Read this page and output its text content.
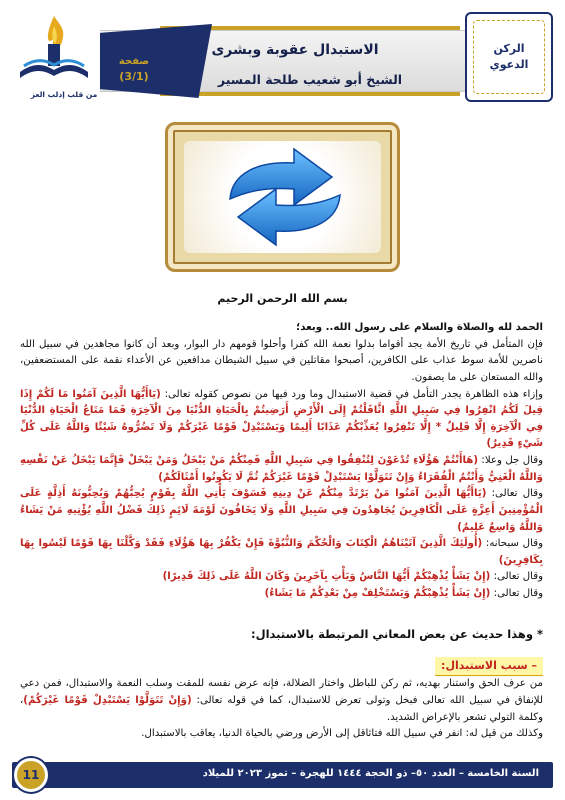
صفحة
(3/1)
الاستبدال عقوبة وبشرى
الشيخ أبو شعيب طلحة المسير
الركن الدعوي
من قلب إدلب العز
بسم الله الرحمن الرحيم

الحمد لله والصلاة والسلام على رسول الله.. وبعد؛

فإن المتأمل في تاريخ الأمة يجد أقواما بدلوا نعمة الله كفرا وأحلوا قومهم دار البوار، وبعد أن كانوا مجاهدين في سبيل الله ناصرين للأمة سوط عذاب على الكافرين، أصبحوا مقاتلين في سبيل الشيطان مدافعين عن الأعداء نقمة على المستضعفين، والله المستعان على ما يصفون.

وإزاء هذه الظاهرة يجدر التأمل في قضية الاستبدال وما ورد فيها من نصوص كقوله تعالى: (يَاأَيُّهَا الَّذِينَ آمَنُوا مَا لَكُمْ إِذَا قِيلَ لَكُمُ انْفِرُوا فِي سَبِيلِ اللَّهِ اثَّاقَلْتُمْ إِلَى الْأَرْضِ أَرَضِيتُمْ بِالْحَيَاةِ الدُّنْيَا مِنَ الْآخِرَةِ فَمَا مَتَاعُ الْحَيَاةِ الدُّنْيَا فِي الْآخِرَةِ إِلَّا قَلِيلٌ * إِلَّا تَنْفِرُوا يُعَذِّبْكُمْ عَذَابًا أَلِيمًا وَيَسْتَبْدِلْ قَوْمًا غَيْرَكُمْ وَلَا تَضُرُّوهُ شَيْئًا وَاللَّهُ عَلَى كُلِّ شَيْءٍ قَدِيرٌ)

وقال جل وعلا: (هَاأَنْتُمْ هَؤُلَاءِ تُدْعَوْنَ لِتُنْفِقُوا فِي سَبِيلِ اللَّهِ فَمِنْكُمْ مَنْ يَبْخَلُ وَمَنْ يَبْخَلْ فَإِنَّمَا يَبْخَلُ عَنْ نَفْسِهِ وَاللَّهُ الْغَنِيُّ وَأَنْتُمُ الْفُقَرَاءُ وَإِنْ تَتَوَلَّوْا يَسْتَبْدِلْ قَوْمًا غَيْرَكُمْ ثُمَّ لَا يَكُونُوا أَمْثَالَكُمْ)

وقال تعالى: (يَاأَيُّهَا الَّذِينَ آمَنُوا مَنْ يَرْتَدَّ مِنْكُمْ عَنْ دِينِهِ فَسَوْفَ يَأْتِي اللَّهُ بِقَوْمٍ يُحِبُّهُمْ وَيُحِبُّونَهُ أَذِلَّةٍ عَلَى الْمُؤْمِنِينَ أَعِزَّةٍ عَلَى الْكَافِرِينَ يُجَاهِدُونَ فِي سَبِيلِ اللَّهِ وَلَا يَخَافُونَ لَوْمَةَ لَائِمٍ ذَلِكَ فَضْلُ اللَّهِ يُؤْتِيهِ مَنْ يَشَاءُ وَاللَّهُ وَاسِعٌ عَلِيمٌ)

وقال سبحانه: (أُولَئِكَ الَّذِينَ آتَيْنَاهُمُ الْكِتَابَ وَالْحُكْمَ وَالنُّبُوَّةَ فَإِنْ يَكْفُرْ بِهَا هَؤُلَاءِ فَقَدْ وَكَّلْنَا بِهَا قَوْمًا لَيْسُوا بِهَا بِكَافِرِينَ)

وقال تعالى: (إِنْ يَشَأْ يُذْهِبْكُمْ أَيُّهَا النَّاسُ وَيَأْتِ بِآخَرِينَ وَكَانَ اللَّهُ عَلَى ذَلِكَ قَدِيرًا)

وقال تعالى: (إِنْ يَشَأْ يُذْهِبْكُمْ وَيَسْتَخْلِفْ مِنْ بَعْدِكُمْ مَا يَشَاءُ)

* وهذا حديث عن بعض المعاني المرتبطة بالاستبدال:

– سبب الاستبدال:

من عرف الحق واستنار بهديه، ثم ركن للباطل واختار الضلالة، فإنه عرض نفسه للمقت وسلب النعمة والاستبدال، فمن دعي للإنفاق في سبيل الله تعالى فبخل وتولى تعرض للاستبدال، كما في قوله تعالى: (وَإِنْ تَتَوَلَّوْا يَسْتَبْدِلْ قَوْمًا غَيْرَكُمْ)، وكلمة التولي تشعر بالإعراض الشديد.

وكذلك من قيل له: انفر في سبيل الله فتاثاقل إلى الأرض ورضي بالحياة الدنيا، يعاقب بالاستبدال.

السنة الخامسة – العدد ٥٠– ذو الحجة ١٤٤٤ للهجرة – تموز ٢٠٢٣ للميلاد
11
